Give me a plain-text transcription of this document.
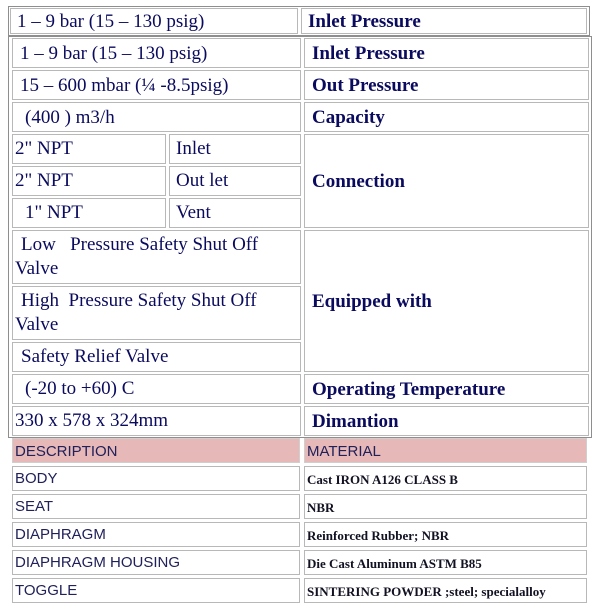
1 – 9 bar (15 – 130 psig)	Inlet Pressure
1 – 9 bar (15 – 130 psig)	Inlet Pressure
15 – 600 mbar (¼ -8.5psig)	Out Pressure
(400 ) m3/h	Capacity
2" NPT	Inlet
2" NPT	Out let
1" NPT	Vent
Connection
Low   Pressure Safety Shut Off Valve
High  Pressure Safety Shut Off Valve
Safety Relief Valve
Equipped with
(-20 to +60) C	Operating Temperature
330 x 578 x 324mm	Dimantion
DESCRIPTION	MATERIAL
BODY	Cast IRON A126 CLASS B
SEAT	NBR
DIAPHRAGM	Reinforced Rubber; NBR
DIAPHRAGM HOUSING	Die Cast Aluminum ASTM B85
TOGGLE	SINTERING POWDER ;steel; specialalloy
